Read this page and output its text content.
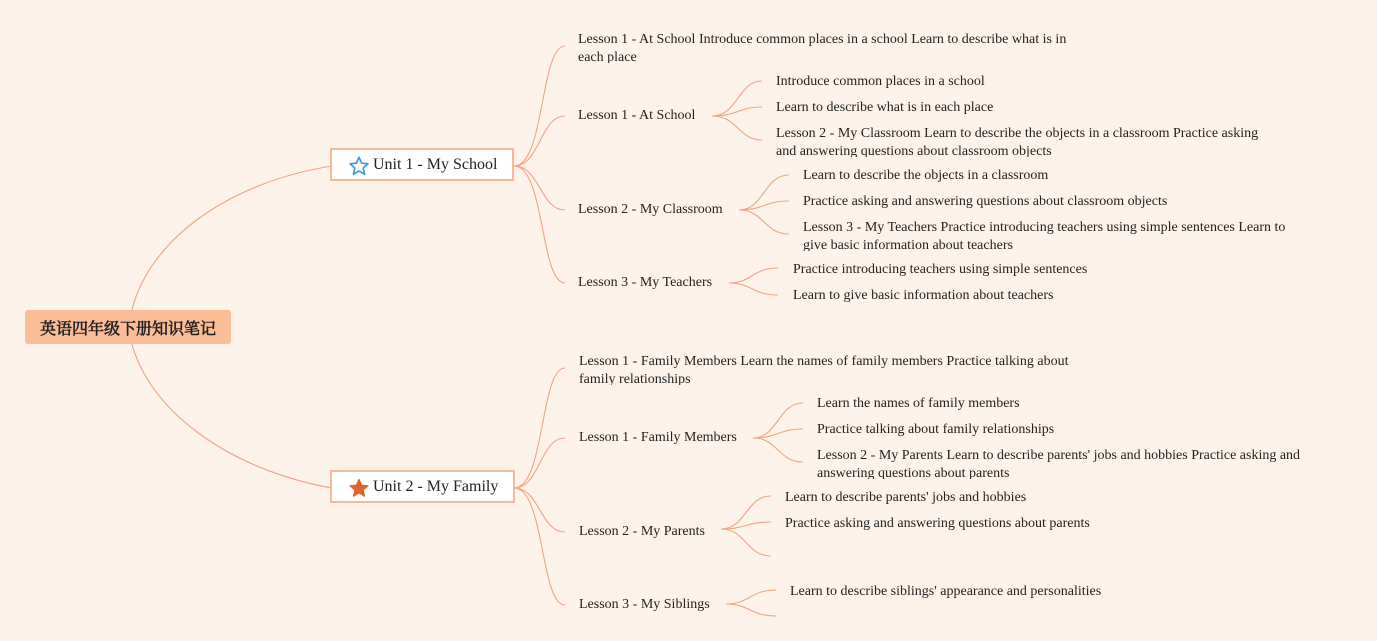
英语四年级下册知识笔记
Unit 1 - My School
Unit 2 - My Family
Lesson 1 - At School Introduce common places in a school Learn to describe what is in each place
Lesson 1 - At School
Introduce common places in a school
Learn to describe what is in each place
Lesson 2 - My Classroom Learn to describe the objects in a classroom Practice asking and answering questions about classroom objects
Lesson 2 - My Classroom
Learn to describe the objects in a classroom
Practice asking and answering questions about classroom objects
Lesson 3 - My Teachers Practice introducing teachers using simple sentences Learn to give basic information about teachers
Lesson 3 - My Teachers
Practice introducing teachers using simple sentences
Learn to give basic information about teachers
Lesson 1 - Family Members Learn the names of family members Practice talking about family relationships
Lesson 1 - Family Members
Learn the names of family members
Practice talking about family relationships
Lesson 2 - My Parents Learn to describe parents' jobs and hobbies Practice asking and answering questions about parents
Lesson 2 - My Parents
Learn to describe parents' jobs and hobbies
Practice asking and answering questions about parents
Lesson 3 - My Siblings
Learn to describe siblings' appearance and personalities
